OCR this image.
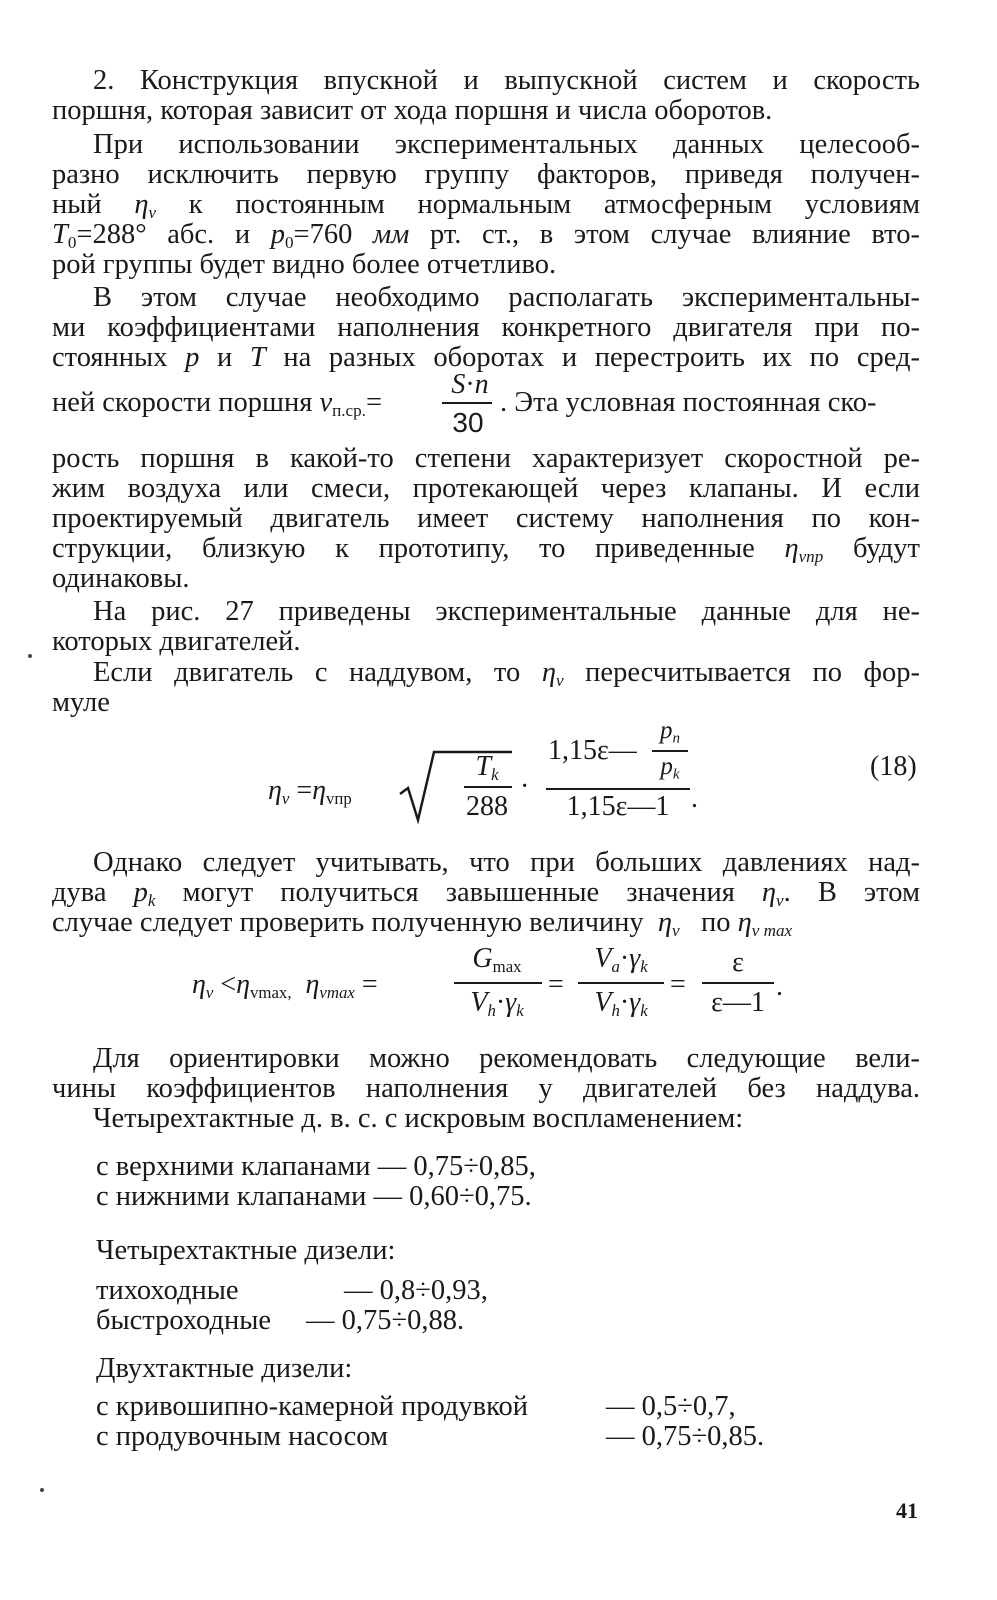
2. Конструкция впускной и выпускной систем и скорость
поршня, которая зависит от хода поршня и числа оборотов.
При использовании экспериментальных данных целесооб-
разно исключить первую группу факторов, приведя получен-
ный $\eta_v$ к постоянным нормальным атмосферным условиям
$T_0=288^\circ$ абс. и $p_0=760$ мм рт. ст., в этом случае влияние вто-
рой группы будет видно более отчетливо.
В этом случае необходимо располагать экспериментальны-
ми коэффициентами наполнения конкретного двигателя при по-
стоянных p и T на разных оборотах и перестроить их по сред-
ней скорости поршня $v_{п.ср.}=$
S·n
30
. Эта условная постоянная ско-
рость поршня в какой-то степени характеризует скоростной ре-
жим воздуха или смеси, протекающей через клапаны. И если
проектируемый двигатель имеет систему наполнения по кон-
струкции, близкую к прототипу, то приведенные $\eta_{vпр}$ будут
одинаковы.
На рис. 27 приведены экспериментальные данные для не-
которых двигателей.
Если двигатель с наддувом, то $\eta_v$ пересчитывается по фор-
муле
$\eta_v =\eta_{vпр}$
$T_k$
288
·
1,15ε—
$p_n$
$p_k$
1,15ε—1 .
(18)
Однако следует учитывать, что при больших давлениях над-
дува $p_k$ могут получиться завышенные значения $\eta_v$. В этом
случае следует проверить полученную величину $\eta_v$ по $\eta_{v max}$
$\eta_v <\eta_{vmax,}$ $\eta_{vmax}$ =
$G_{max}$
$V_h\cdot\gamma_k$
=
$V_a\cdot\gamma_k$
$V_h\cdot\gamma_k$
=
ε
ε—1
.
Для ориентировки можно рекомендовать следующие вели-
чины коэффициентов наполнения у двигателей без наддува.
Четырехтактные д. в. с. с искровым воспламенением:
с верхними клапанами — 0,75÷0,85,
с нижними клапанами — 0,60÷0,75.
Четырехтактные дизели:
тихоходные	— 0,8÷0,93,
быстроходные — 0,75÷0,88.
Двухтактные дизели:
с кривошипно-камерной продувкой	— 0,5÷0,7,
с продувочным насосом	— 0,75÷0,85.
41
